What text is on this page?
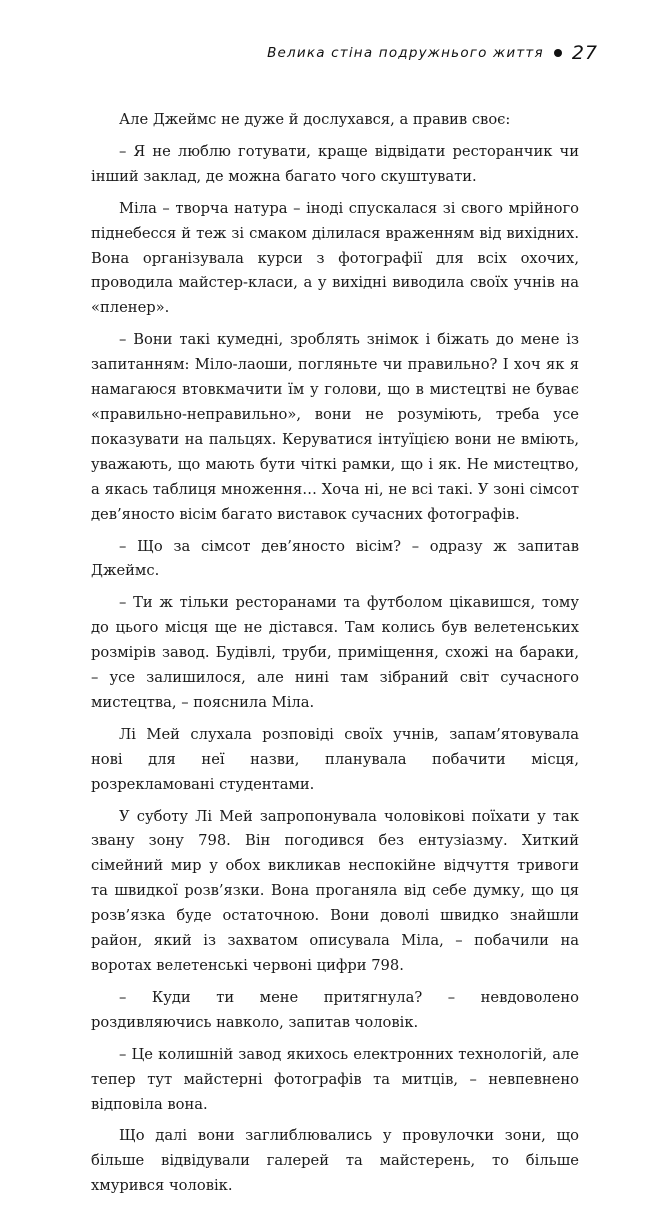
Велика стіна подружнього життя 27

Але Джеймс не дуже й дослухався, а правив своє:

– Я не люблю готувати, краще відвідати ресторанчик чи інший заклад, де можна багато чого скуштувати.

Міла – творча натура – іноді спускалася зі свого мрійного піднебесся й теж зі смаком ділилася враженням від вихідних. Вона організувала курси з фотографії для всіх охочих, проводила майстер-класи, а у вихідні виводила своїх учнів на «пленер».

– Вони такі кумедні, зроблять знімок і біжать до мене із запитанням: Міло-лаоши, погляньте чи правильно? І хоч як я намагаюся втовкмачити їм у голови, що в мистецтві не буває «правильно-неправильно», вони не розуміють, треба усе показувати на пальцях. Керуватися інтуїцією вони не вміють, уважають, що мають бути чіткі рамки, що і як. Не мистецтво, а якась таблиця множення… Хоча ні, не всі такі. У зоні сімсот дев’яносто вісім багато виставок сучасних фотографів.

– Що за сімсот дев’яносто вісім? – одразу ж запитав Джеймс.

– Ти ж тільки ресторанами та футболом цікавишся, тому до цього місця ще не дістався. Там колись був велетенських розмірів завод. Будівлі, труби, приміщення, схожі на бараки, – усе залишилося, але нині там зібраний світ сучасного мистецтва, – пояснила Міла.

Лі Мей слухала розповіді своїх учнів, запам’ятовувала нові для неї назви, планувала побачити місця, розрекламовані студентами.

У суботу Лі Мей запропонувала чоловікові поїхати у так звану зону 798. Він погодився без ентузіазму. Хиткий сімейний мир у обох викликав неспокійне відчуття тривоги та швидкої розв’язки. Вона проганяла від себе думку, що ця розв’язка буде остаточною. Вони доволі швидко знайшли район, який із захватом описувала Міла, – побачили на воротах велетенські червоні цифри 798.

– Куди ти мене притягнула? – невдоволено роздивляючись навколо, запитав чоловік.

– Це колишній завод якихось електронних технологій, але тепер тут майстерні фотографів та митців, – невпевнено відповіла вона.

Що далі вони заглиблювались у провулочки зони, що більше відвідували галерей та майстерень, то більше хмурився чоловік.
